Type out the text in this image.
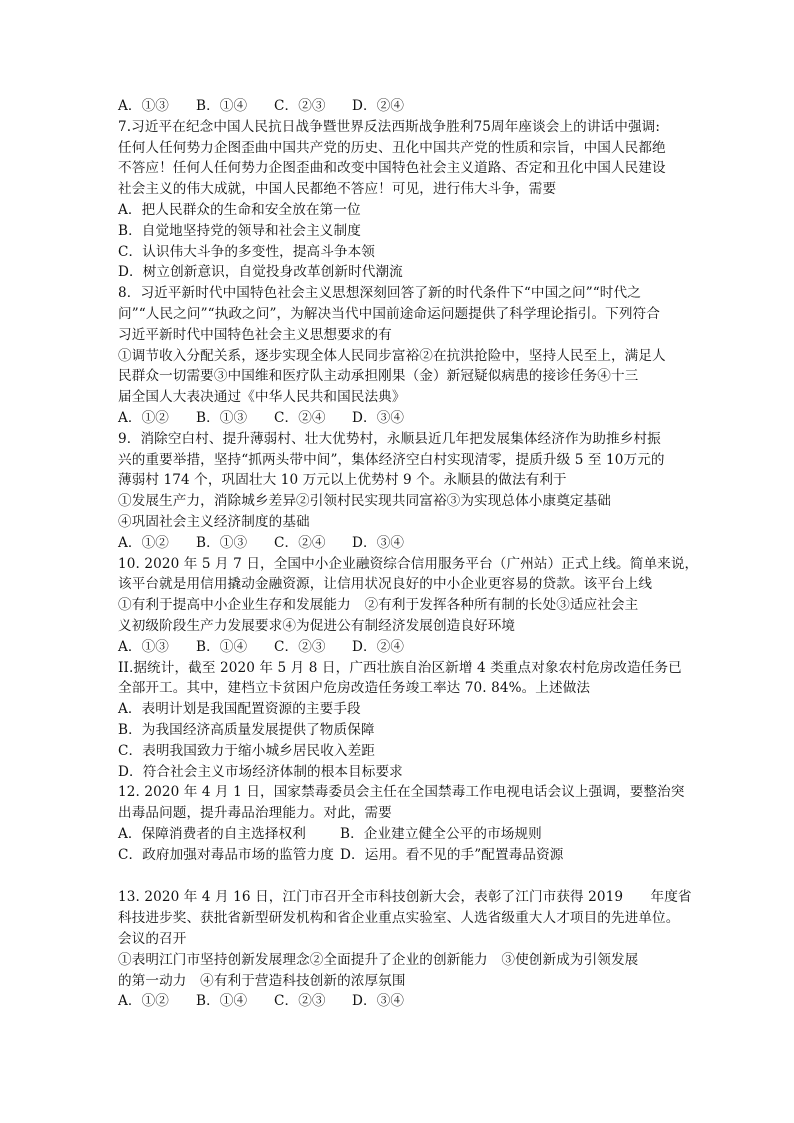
A．①③	B．①④	C．②③	D．②④
7.习近平在纪念中国人民抗日战争暨世界反法西斯战争胜利75周年座谈会上的讲话中强调:
任何人任何势力企图歪曲中国共产党的历史、丑化中国共产党的性质和宗旨，中国人民都绝
不答应！任何人任何势力企图歪曲和改变中国特色社会主义道路、否定和丑化中国人民建设
社会主义的伟大成就，中国人民都绝不答应！可见，进行伟大斗争，需要
A．把人民群众的生命和安全放在第一位
B．自觉地坚持党的领导和社会主义制度
C．认识伟大斗争的多变性，提高斗争本领
D．树立创新意识，自觉投身改革创新时代潮流
8．习近平新时代中国特色社会主义思想深刻回答了新的时代条件下“中国之问”“时代之
问”“人民之问”“执政之问”，为解决当代中国前途命运问题提供了科学理论指引。下列符合
习近平新时代中国特色社会主义思想要求的有
①调节收入分配关系，逐步实现全体人民同步富裕②在抗洪抢险中，坚持人民至上，满足人
民群众一切需要③中国维和医疗队主动承担刚果（金）新冠疑似病患的接诊任务④十三
届全国人大表决通过《中华人民共和国民法典》
A．①②	B．①③	C．②④	D．③④
9．消除空白村、提升薄弱村、壮大优势村，永顺县近几年把发展集体经济作为助推乡村振
兴的重要举措，坚持“抓两头带中间”，集体经济空白村实现清零，提质升级 5 至 10万元的
薄弱村 174 个，巩固壮大 10 万元以上优势村 9 个。永顺县的做法有利于
①发展生产力，消除城乡差异②引领村民实现共同富裕③为实现总体小康奠定基础
④巩固社会主义经济制度的基础
A．①②	B．①③	C．②④	D．③④
10. 2020 年 5 月 7 日，全国中小企业融资综合信用服务平台（广州站）正式上线。简单来说，
该平台就是用信用撬动金融资源，让信用状况良好的中小企业更容易的贷款。该平台上线
①有利于提高中小企业生存和发展能力　②有利于发挥各种所有制的长处③适应社会主
义初级阶段生产力发展要求④为促进公有制经济发展创造良好环境
A．①③	B．①④	C．②③	D．②④
II.据统计，截至 2020 年 5 月 8 日，广西壮族自治区新增 4 类重点对象农村危房改造任务已
全部开工。其中，建档立卡贫困户危房改造任务竣工率达 70. 84%。上述做法
A．表明计划是我国配置资源的主要手段
B．为我国经济高质量发展提供了物质保障
C．表明我国致力于缩小城乡居民收入差距
D．符合社会主义市场经济体制的根本目标要求
12. 2020 年 4 月 1 日，国家禁毒委员会主任在全国禁毒工作电视电话会议上强调，要整治突
出毒品问题，提升毒品治理能力。对此，需要
A．保障消费者的自主选择权利	B．企业建立健全公平的市场规则
C．政府加强对毒品市场的监管力度 D．运用。看不见的手”配置毒品资源
13. 2020 年 4 月 16 日，江门市召开全市科技创新大会，表彰了江门市获得 2019　　年度省
科技进步奖、获批省新型研发机构和省企业重点实验室、人选省级重大人才项目的先进单位。
会议的召开
①表明江门市坚持创新发展理念②全面提升了企业的创新能力　③使创新成为引领发展
的第一动力　④有利于营造科技创新的浓厚氛围
A．①②	B．①④	C．②③	D．③④
